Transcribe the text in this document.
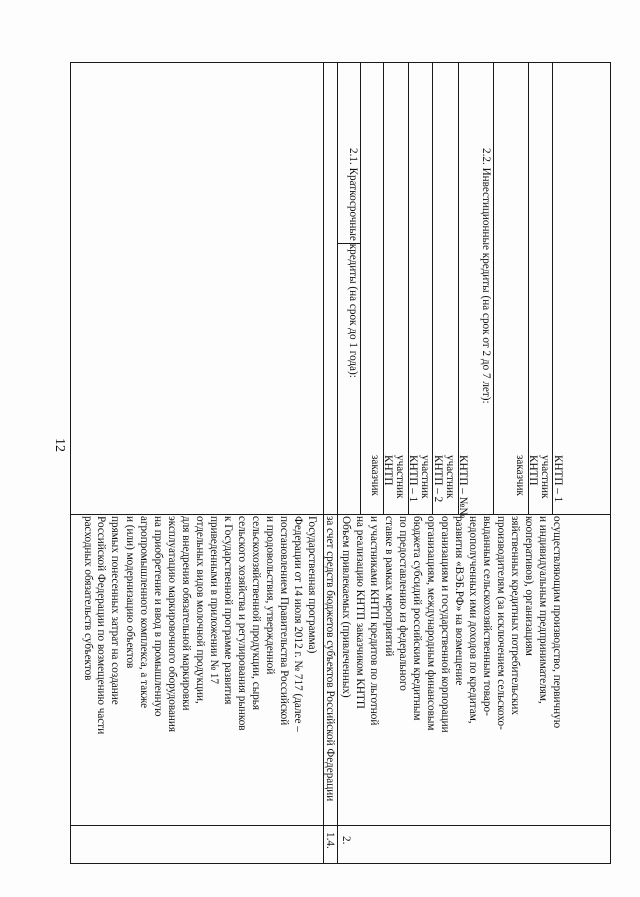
12
расходных обязательств субъектов Российской Федерации по возмещению части прямых понесенных затрат на создание и (или) модернизацию объектов агропромышленного комплекса, а также на приобретение и ввод в промышленную эксплуатацию маркировочного оборудования для внедрения обязательной маркировки отдельных видов молочной продукции, приведенными в приложении № 17 к Государственной программе развития сельского хозяйства и регулирования рынков сельскохозяйственной продукции, сырья и продовольствия, утвержденной постановлением Правительства Российской Федерации от 14 июля 2012 г. № 717 (далее – Государственная программа)
1.4.
за счет средств бюджетов субъектов Российской Федерации
2.
Объем привлекаемых (привлеченных) на реализацию КНТП заказчиком КНТП и участниками КНТП кредитов по льготной ставке в рамках мероприятий по предоставлению из федерального бюджета субсидий российским кредитным организациям, международным финансовым организациям и государственной корпорации развития «ВЭБ.РФ» на возмещение недополученных ими доходов по кредитам, выданным сельскохозяйственным товаро- производителям (за исключением сельскохо- зяйственных кредитных потребительских кооперативов), организациям и индивидуальным предпринимателям, осуществляющим производство, первичную
2.1. Краткосрочные кредиты (на срок до 1 года):
заказчик КНТП участник КНТП – 1 участник КНТП – 2 участник КНТП – №№
2.2. Инвестиционные кредиты (на срок от 2 до 7 лет):
заказчик КНТП участник КНТП – 1
